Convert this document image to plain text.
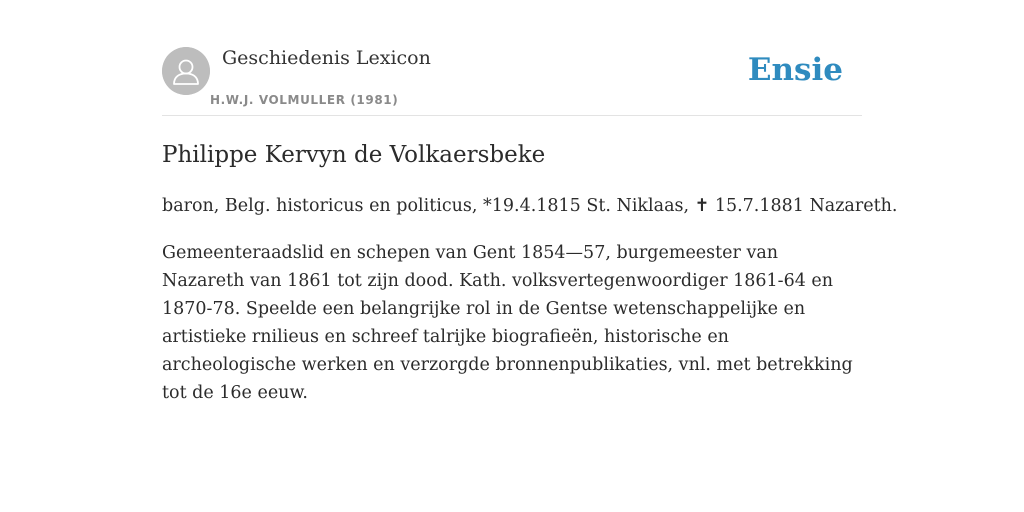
Geschiedenis Lexicon
H.W.J. VOLMULLER (1981)
Ensie
Philippe Kervyn de Volkaersbeke

baron, Belg. historicus en politicus, *19.4.1815 St. Niklaas, ✝ 15.7.1881 Nazareth.

Gemeenteraadslid en schepen van Gent 1854—57, burgemeester van Nazareth van 1861 tot zijn dood. Kath. volksvertegenwoordiger 1861-64 en 1870-78. Speelde een belangrijke rol in de Gentse wetenschappelijke en artistieke rnilieus en schreef talrijke biografieën, historische en archeologische werken en verzorgde bronnenpublikaties, vnl. met betrekking tot de 16e eeuw.
